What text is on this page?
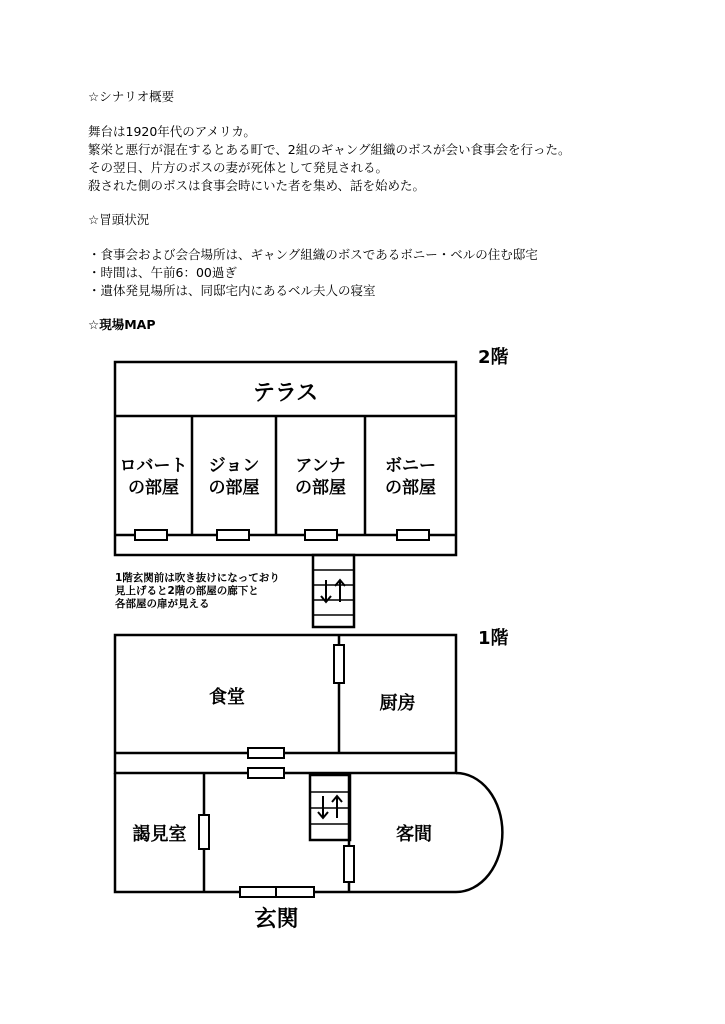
☆シナリオ概要
舞台は1920年代のアメリカ。
繁栄と悪行が混在するとある町で、2組のギャング組織のボスが会い食事会を行った。
その翌日、片方のボスの妻が死体として発見される。
殺された側のボスは食事会時にいた者を集め、話を始めた。
☆冒頭状況
・食事会および会合場所は、ギャング組織のボスであるボニー・ベルの住む邸宅
・時間は、午前6：00過ぎ
・遺体発見場所は、同邸宅内にあるベル夫人の寝室
☆現場MAP
2階
1階
テラス
ロバート
の部屋
ジョン
の部屋
アンナ
の部屋
ボニー
の部屋
1階玄関前は吹き抜けになっており
見上げると2階の部屋の廊下と
各部屋の扉が見える
食堂	厨房
謁見室	客間
玄関
